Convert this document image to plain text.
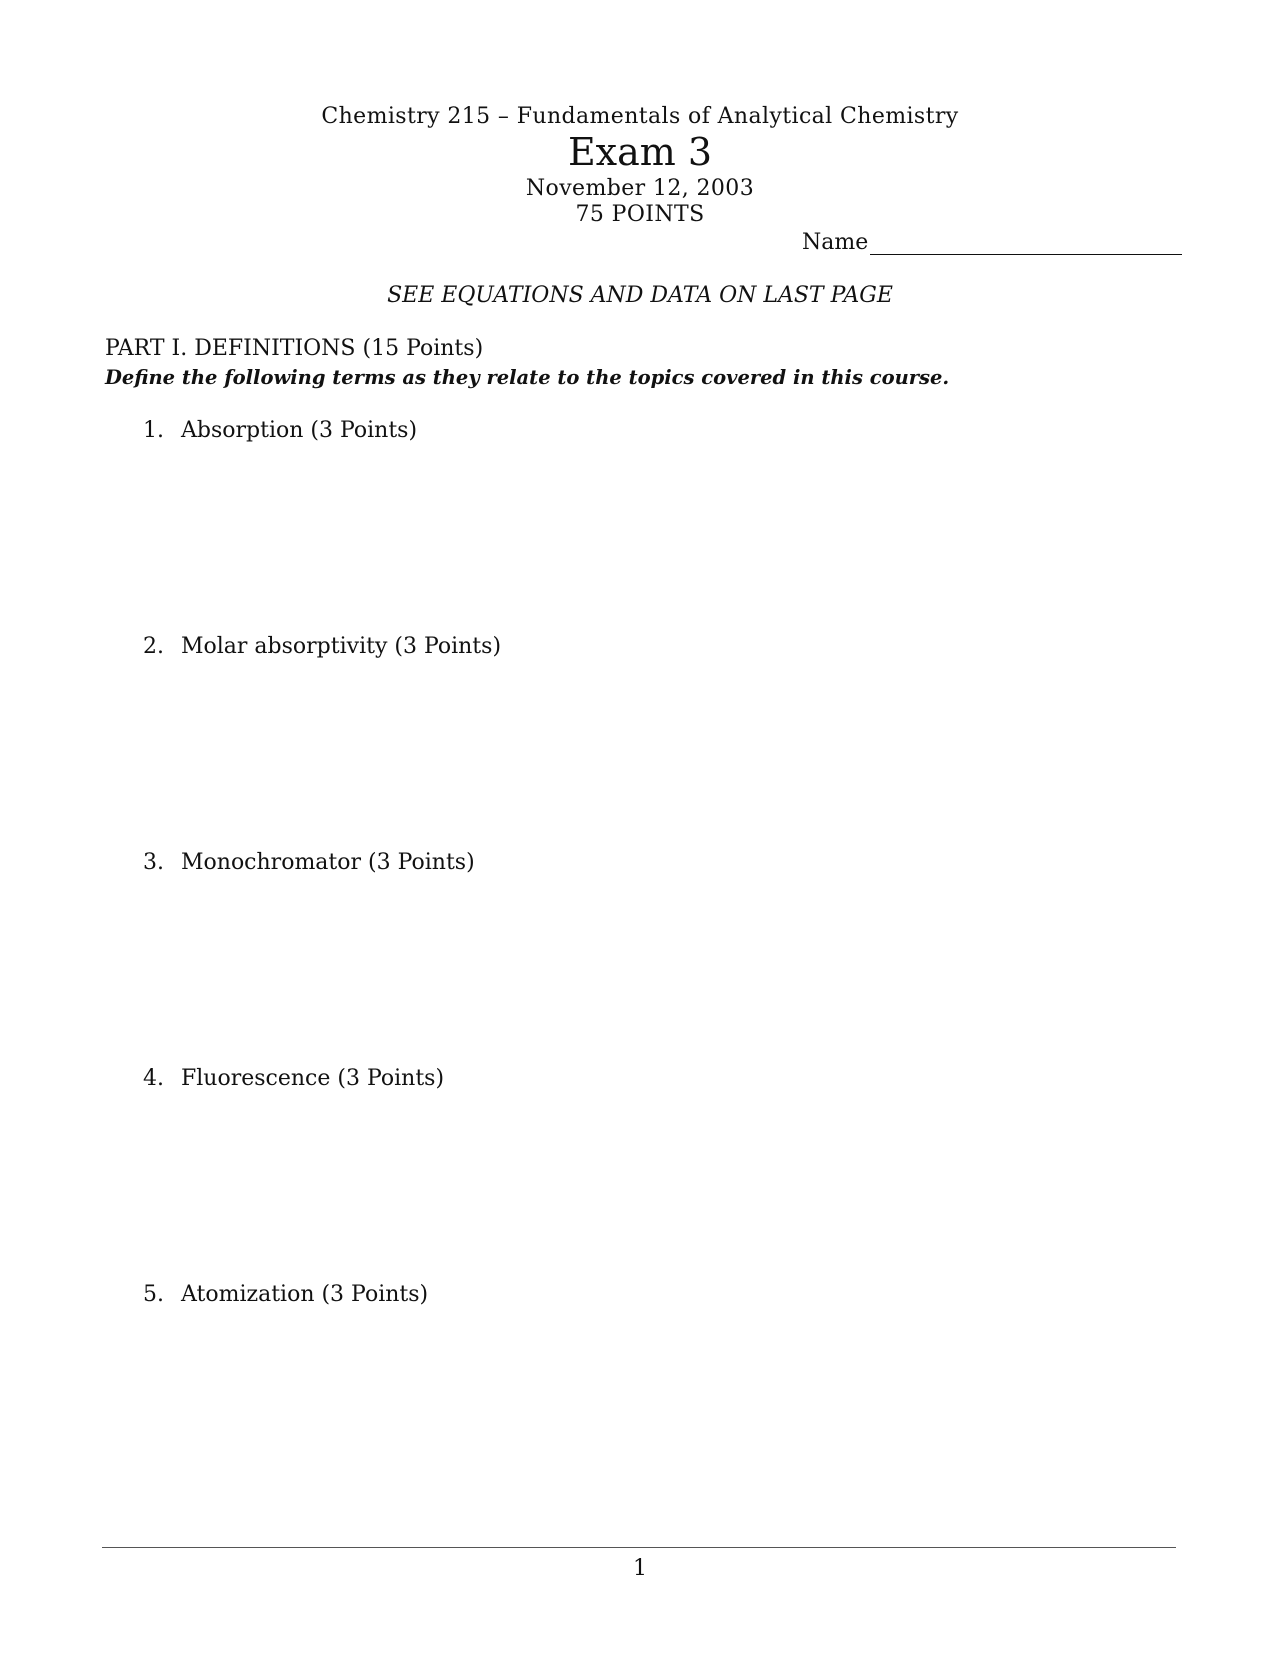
Chemistry 215 – Fundamentals of Analytical Chemistry
Exam 3
November 12, 2003
75 POINTS
Name
SEE EQUATIONS AND DATA ON LAST PAGE
PART I. DEFINITIONS (15 Points)
Define the following terms as they relate to the topics covered in this course.
1. Absorption (3 Points)
2. Molar absorptivity (3 Points)
3. Monochromator (3 Points)
4. Fluorescence (3 Points)
5. Atomization (3 Points)
1
